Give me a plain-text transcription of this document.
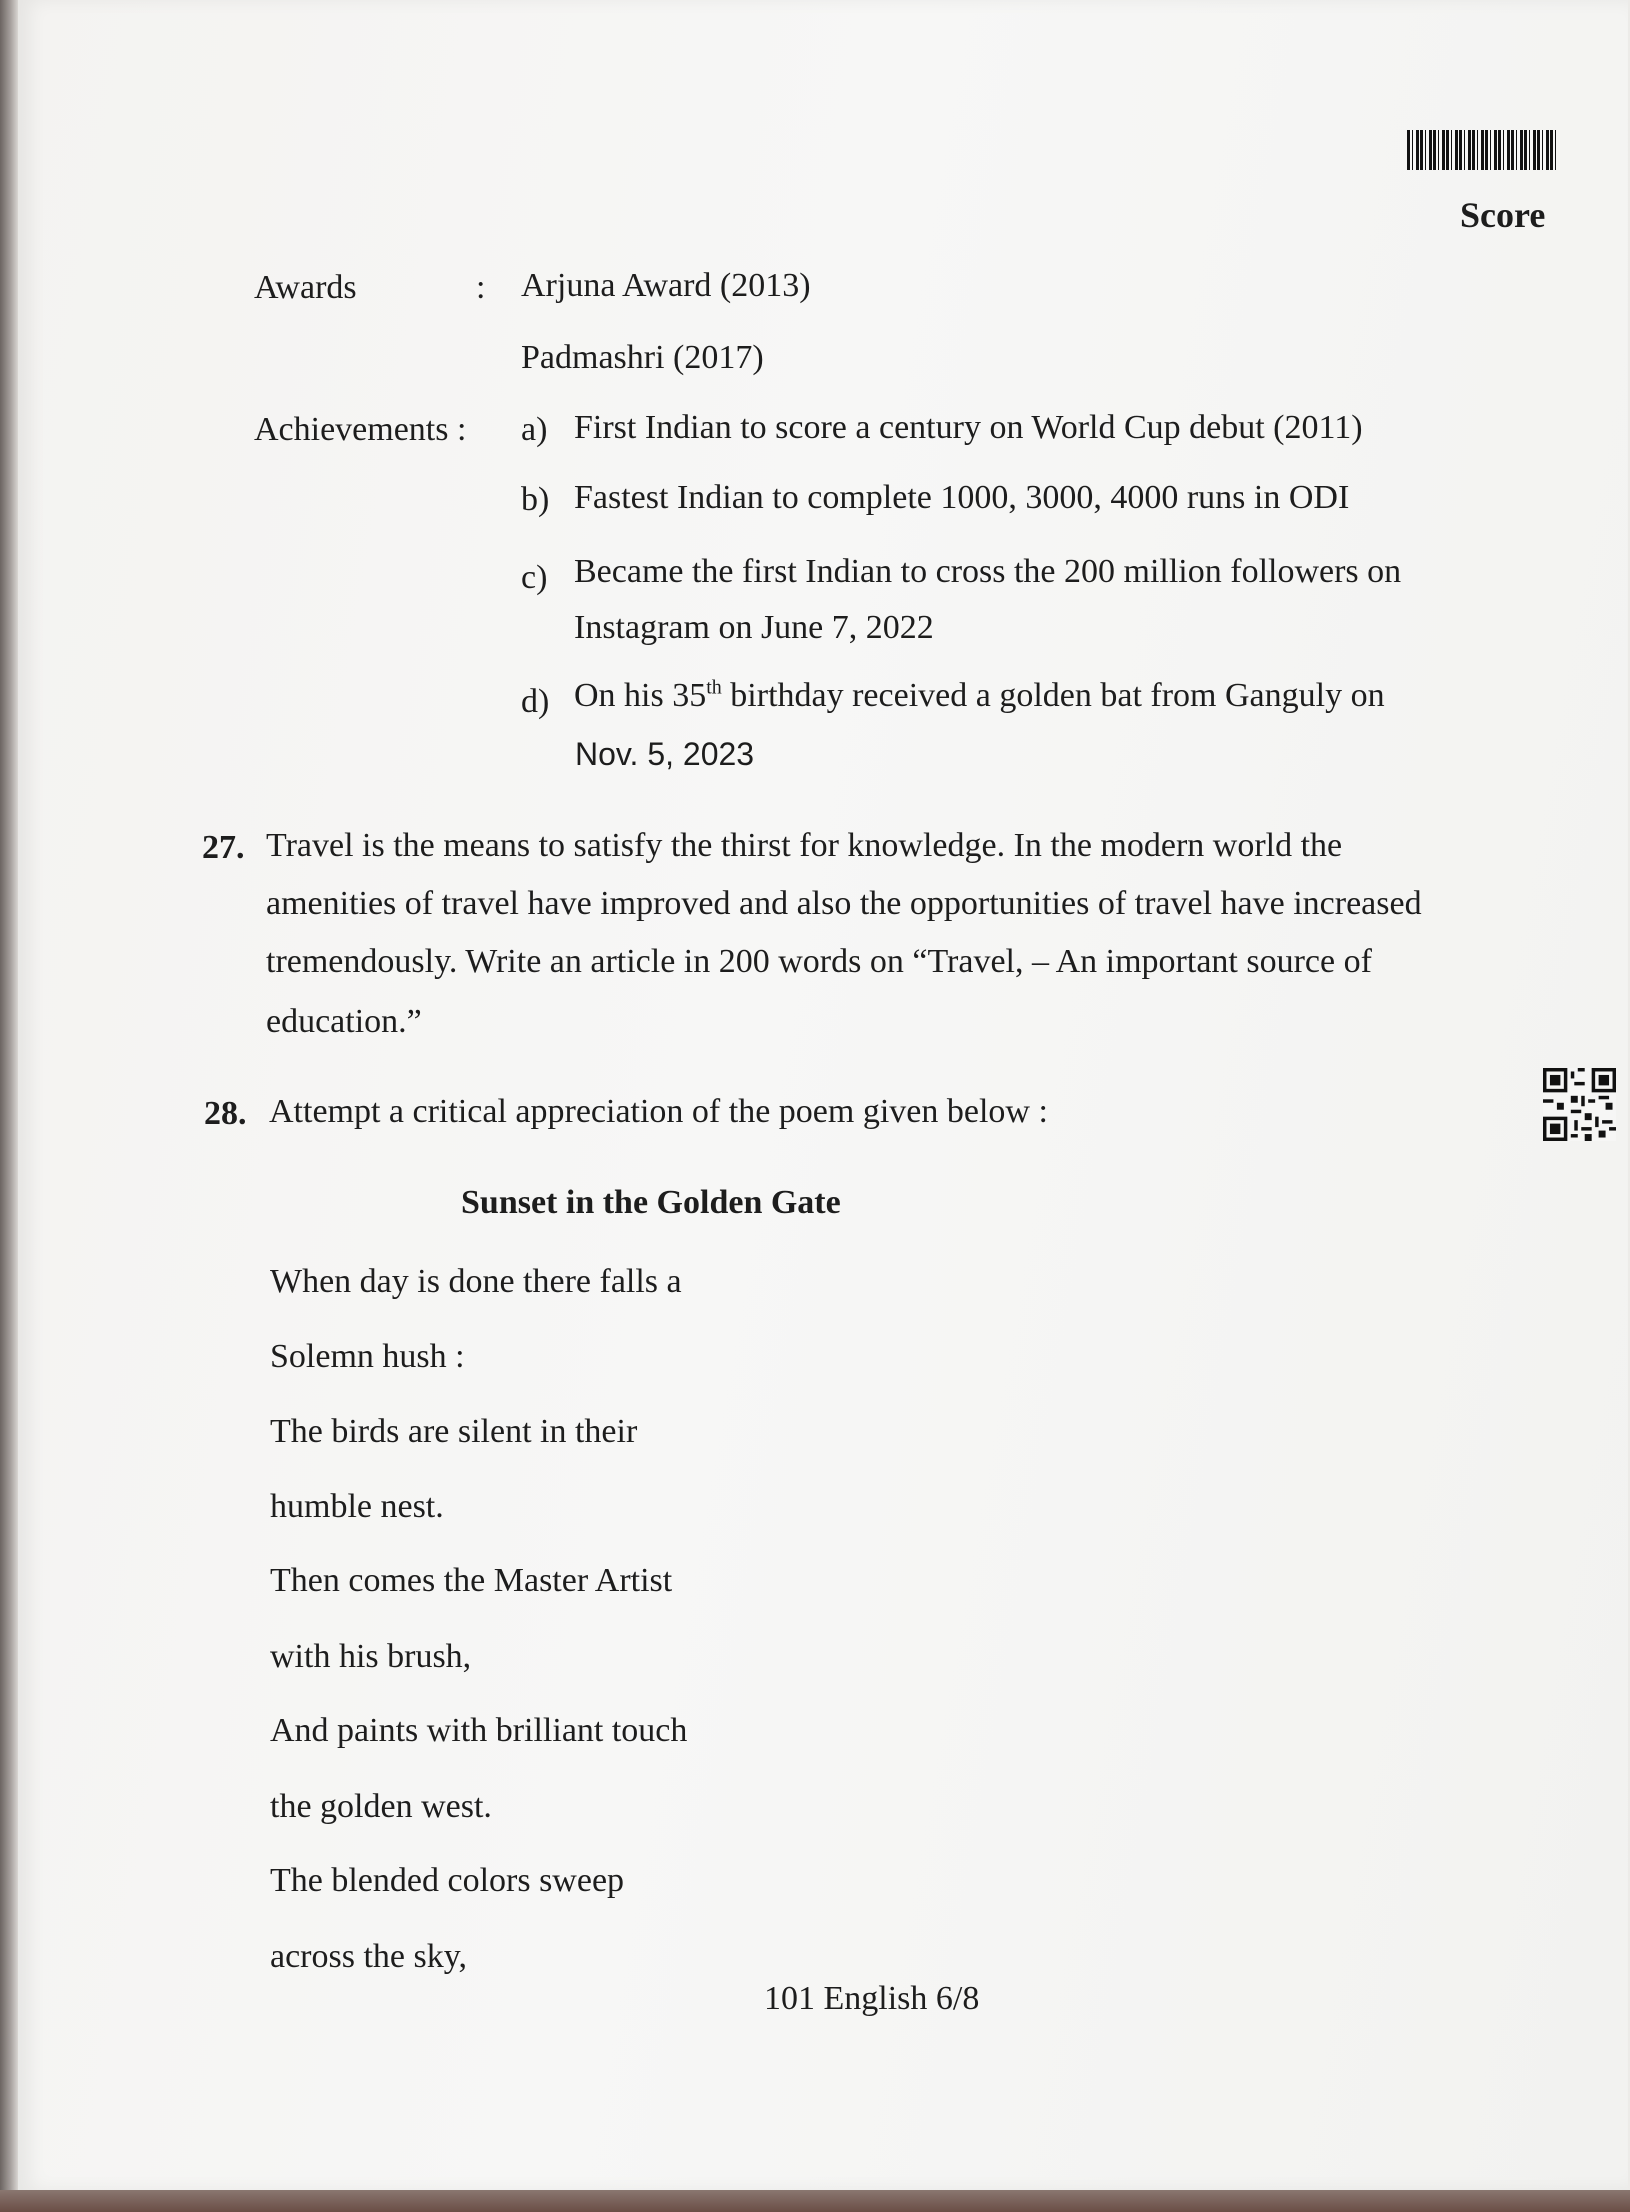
Score
Awards	: Arjuna Award (2013)
Padmashri (2017)
Achievements : a) First Indian to score a century on World Cup debut (2011)
b) Fastest Indian to complete 1000, 3000, 4000 runs in ODI
c) Became the first Indian to cross the 200 million followers on
Instagram on June 7, 2022
d) On his 35th birthday received a golden bat from Ganguly on
Nov. 5, 2023
27. Travel is the means to satisfy the thirst for knowledge. In the modern world the
amenities of travel have improved and also the opportunities of travel have increased
tremendously. Write an article in 200 words on “Travel, – An important source of
education.”
28. Attempt a critical appreciation of the poem given below :
Sunset in the Golden Gate
When day is done there falls a
Solemn hush :
The birds are silent in their
humble nest.
Then comes the Master Artist
with his brush,
And paints with brilliant touch
the golden west.
The blended colors sweep
across the sky,
101 English 6/8
